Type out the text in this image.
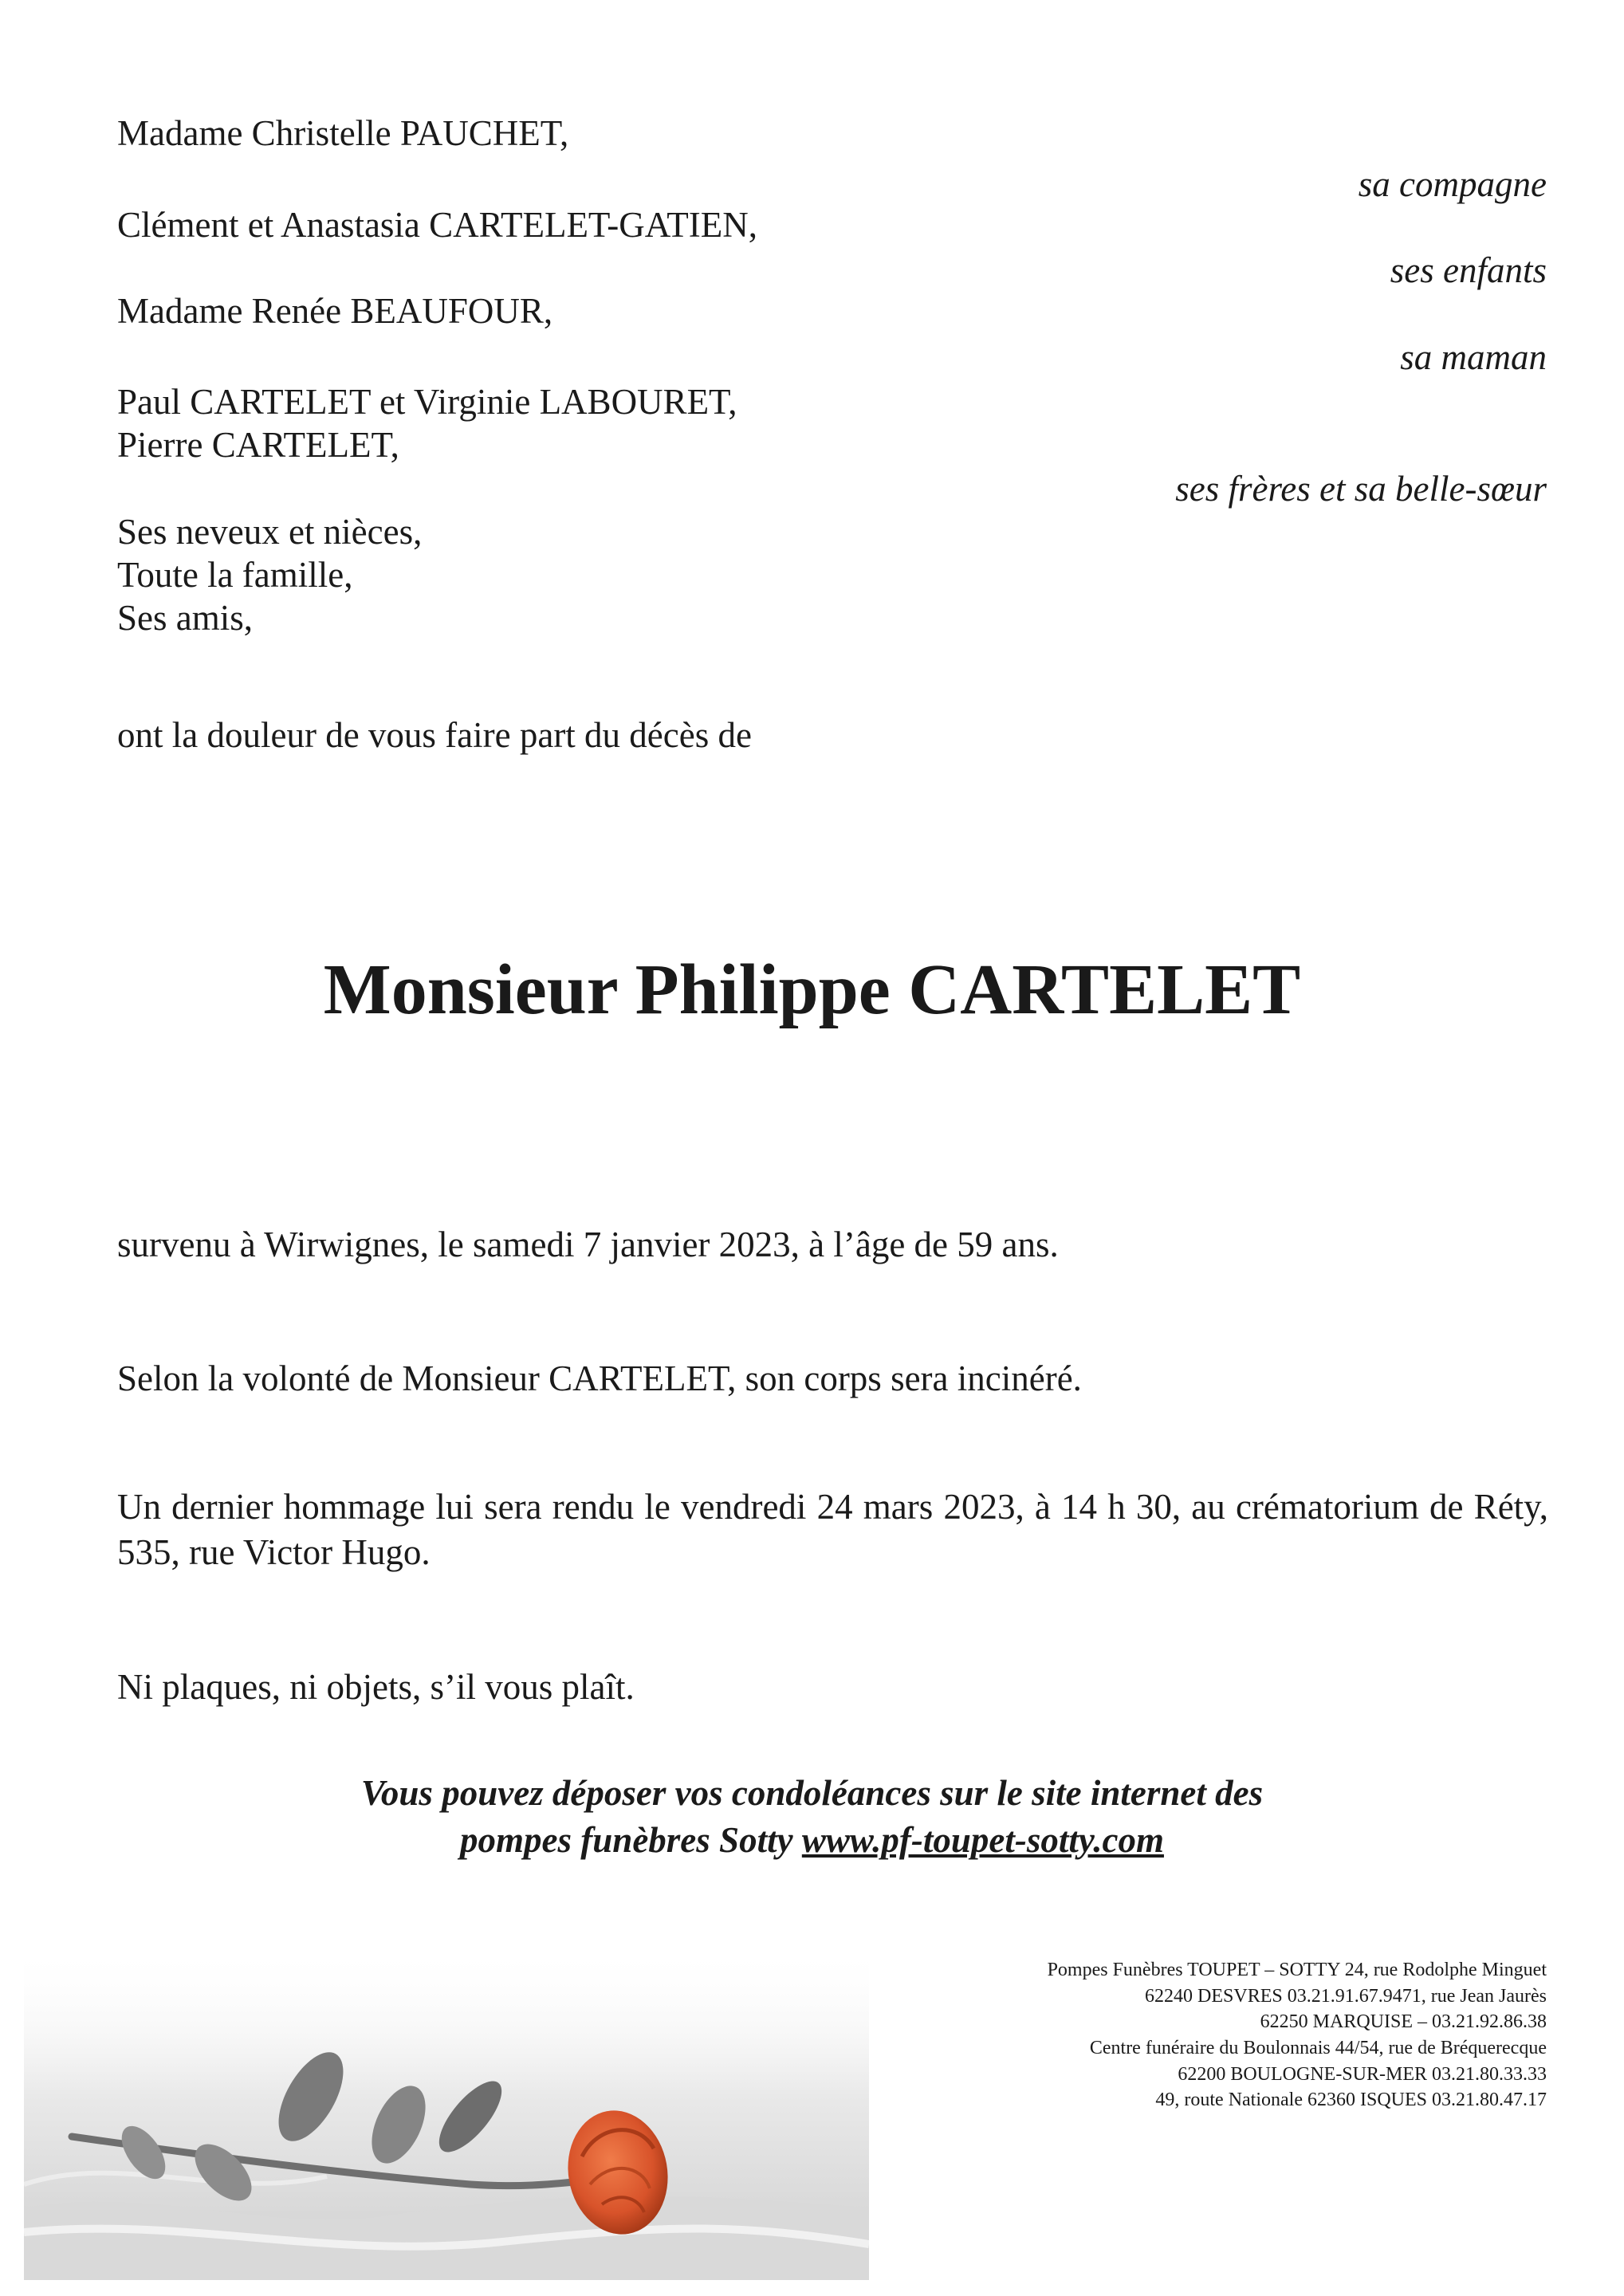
Madame Christelle PAUCHET,
Clément et Anastasia CARTELET-GATIEN,
Madame Renée BEAUFOUR,
Paul CARTELET et Virginie LABOURET,
Pierre CARTELET,
Ses neveux et nièces,
Toute la famille,
Ses amis,
sa compagne
ses enfants
sa maman
ses frères et sa belle-sœur
ont la douleur de vous faire part du décès de
Monsieur Philippe CARTELET
survenu à Wirwignes, le samedi 7 janvier 2023, à l’âge de 59 ans.
Selon la volonté de Monsieur CARTELET, son corps sera incinéré.
Un dernier hommage lui sera rendu le vendredi 24 mars 2023, à 14 h 30, au crématorium de Réty, 535, rue Victor Hugo.
Ni plaques, ni objets, s’il vous plaît.
Vous pouvez déposer vos condoléances sur le site internet des
pompes funèbres Sotty www.pf-toupet-sotty.com
Pompes Funèbres TOUPET – SOTTY 24, rue Rodolphe Minguet
62240 DESVRES 03.21.91.67.9471, rue Jean Jaurès
62250 MARQUISE – 03.21.92.86.38
Centre funéraire du Boulonnais 44/54, rue de Bréquerecque
62200 BOULOGNE-SUR-MER 03.21.80.33.33
49, route Nationale 62360 ISQUES 03.21.80.47.17
